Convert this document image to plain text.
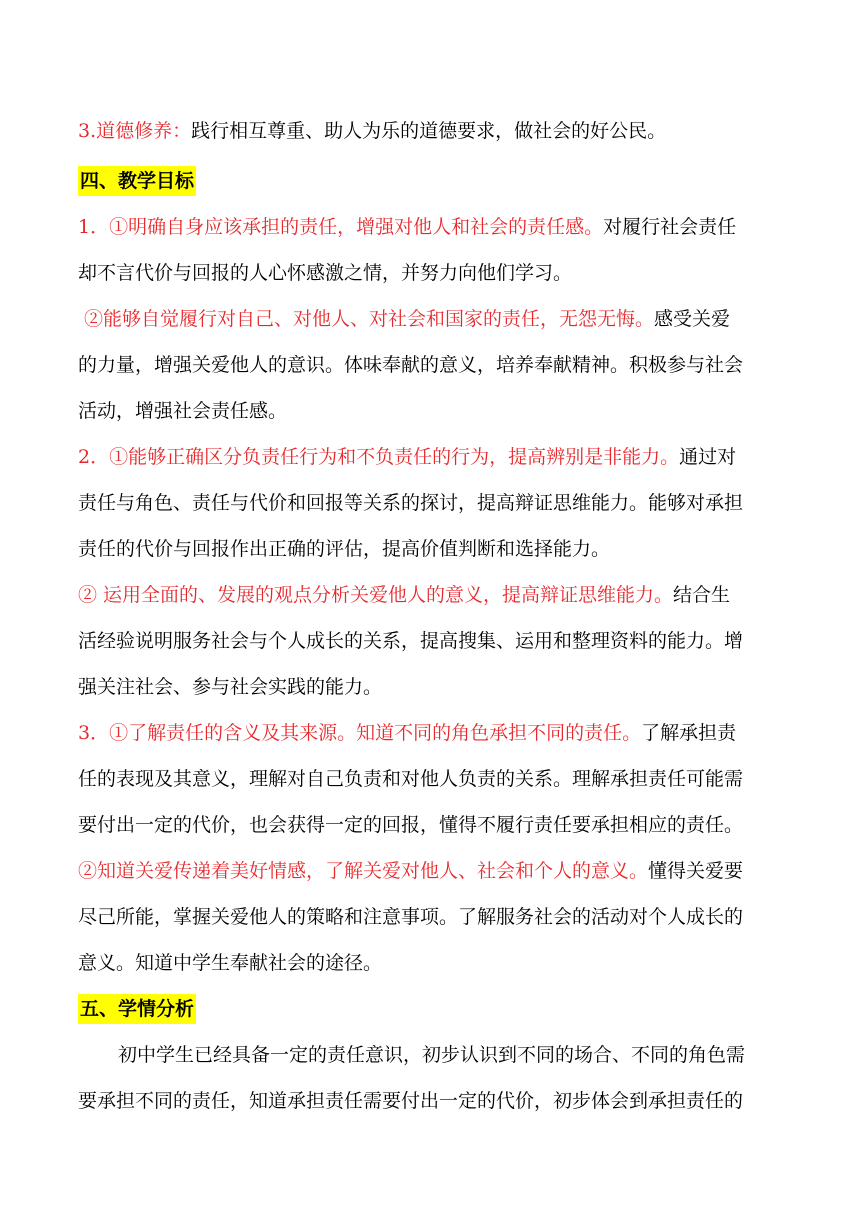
3.道德修养：践行相互尊重、助人为乐的道德要求，做社会的好公民。
四、教学目标
1．①明确自身应该承担的责任，增强对他人和社会的责任感。对履行社会责任
却不言代价与回报的人心怀感激之情，并努力向他们学习。
②能够自觉履行对自己、对他人、对社会和国家的责任，无怨无悔。感受关爱
的力量，增强关爱他人的意识。体味奉献的意义，培养奉献精神。积极参与社会
活动，增强社会责任感。
2．①能够正确区分负责任行为和不负责任的行为，提高辨别是非能力。通过对
责任与角色、责任与代价和回报等关系的探讨，提高辩证思维能力。能够对承担
责任的代价与回报作出正确的评估，提高价值判断和选择能力。
② 运用全面的、发展的观点分析关爱他人的意义，提高辩证思维能力。结合生
活经验说明服务社会与个人成长的关系，提高搜集、运用和整理资料的能力。增
强关注社会、参与社会实践的能力。
3．①了解责任的含义及其来源。知道不同的角色承担不同的责任。了解承担责
任的表现及其意义，理解对自己负责和对他人负责的关系。理解承担责任可能需
要付出一定的代价，也会获得一定的回报，懂得不履行责任要承担相应的责任。
②知道关爱传递着美好情感，了解关爱对他人、社会和个人的意义。懂得关爱要
尽己所能，掌握关爱他人的策略和注意事项。了解服务社会的活动对个人成长的
意义。知道中学生奉献社会的途径。
五、学情分析
初中学生已经具备一定的责任意识，初步认识到不同的场合、不同的角色需
要承担不同的责任，知道承担责任需要付出一定的代价，初步体会到承担责任的
